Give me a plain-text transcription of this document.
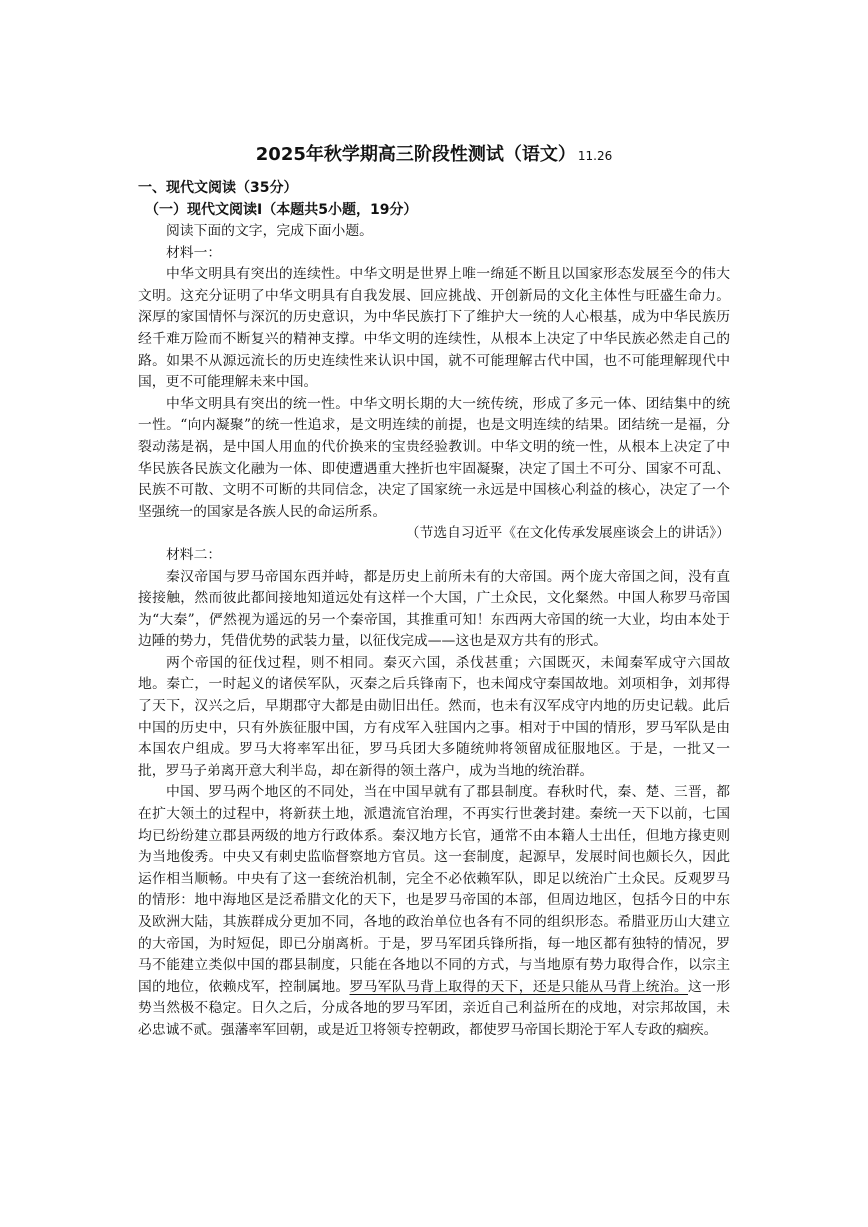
2025年秋学期高三阶段性测试（语文） 11.26

一、现代文阅读（35分）

（一）现代文阅读Ⅰ（本题共5小题，19分）

阅读下面的文字，完成下面小题。

材料一：

中华文明具有突出的连续性。中华文明是世界上唯一绵延不断且以国家形态发展至今的伟大文明。这充分证明了中华文明具有自我发展、回应挑战、开创新局的文化主体性与旺盛生命力。深厚的家国情怀与深沉的历史意识，为中华民族打下了维护大一统的人心根基，成为中华民族历经千难万险而不断复兴的精神支撑。中华文明的连续性，从根本上决定了中华民族必然走自己的路。如果不从源远流长的历史连续性来认识中国，就不可能理解古代中国，也不可能理解现代中国，更不可能理解未来中国。

中华文明具有突出的统一性。中华文明长期的大一统传统，形成了多元一体、团结集中的统一性。“向内凝聚”的统一性追求，是文明连续的前提，也是文明连续的结果。团结统一是福，分裂动荡是祸，是中国人用血的代价换来的宝贵经验教训。中华文明的统一性，从根本上决定了中华民族各民族文化融为一体、即使遭遇重大挫折也牢固凝聚，决定了国土不可分、国家不可乱、民族不可散、文明不可断的共同信念，决定了国家统一永远是中国核心利益的核心，决定了一个坚强统一的国家是各族人民的命运所系。

（节选自习近平《在文化传承发展座谈会上的讲话》）

材料二：

秦汉帝国与罗马帝国东西并峙，都是历史上前所未有的大帝国。两个庞大帝国之间，没有直接接触，然而彼此都间接地知道远处有这样一个大国，广土众民，文化粲然。中国人称罗马帝国为“大秦”，俨然视为遥远的另一个秦帝国，其推重可知！东西两大帝国的统一大业，均由本处于边陲的势力，凭借优势的武装力量，以征伐完成——这也是双方共有的形式。

两个帝国的征伐过程，则不相同。秦灭六国，杀伐甚重；六国既灭，未闻秦军成守六国故地。秦亡，一时起义的诸侯军队，灭秦之后兵锋南下，也未闻戍守秦国故地。刘项相争，刘邦得了天下，汉兴之后，早期郡守大都是由勋旧出任。然而，也未有汉军戍守内地的历史记载。此后中国的历史中，只有外族征服中国，方有戍军入驻国内之事。相对于中国的情形，罗马军队是由本国农户组成。罗马大将率军出征，罗马兵团大多随统帅将领留成征服地区。于是，一批又一批，罗马子弟离开意大利半岛，却在新得的领土落户，成为当地的统治群。

中国、罗马两个地区的不同处，当在中国早就有了郡县制度。春秋时代，秦、楚、三晋，都在扩大领土的过程中，将新获土地，派遣流官治理，不再实行世袭封建。秦统一天下以前，七国均已纷纷建立郡县两级的地方行政体系。秦汉地方长官，通常不由本籍人士出任，但地方掾吏则为当地俊秀。中央又有刺史监临督察地方官员。这一套制度，起源早，发展时间也颇长久，因此运作相当顺畅。中央有了这一套统治机制，完全不必依赖军队，即足以统治广土众民。反观罗马的情形：地中海地区是泛希腊文化的天下，也是罗马帝国的本部，但周边地区，包括今日的中东及欧洲大陆，其族群成分更加不同，各地的政治单位也各有不同的组织形态。希腊亚历山大建立的大帝国，为时短促，即已分崩离析。于是，罗马军团兵锋所指，每一地区都有独特的情况，罗马不能建立类似中国的郡县制度，只能在各地以不同的方式，与当地原有势力取得合作，以宗主国的地位，依赖戍军，控制属地。罗马军队马背上取得的天下，还是只能从马背上统治。这一形势当然极不稳定。日久之后，分成各地的罗马军团，亲近自己利益所在的戍地，对宗邦故国，未必忠诚不贰。强藩率军回朝，或是近卫将领专控朝政，都使罗马帝国长期沦于军人专政的痼疾。
